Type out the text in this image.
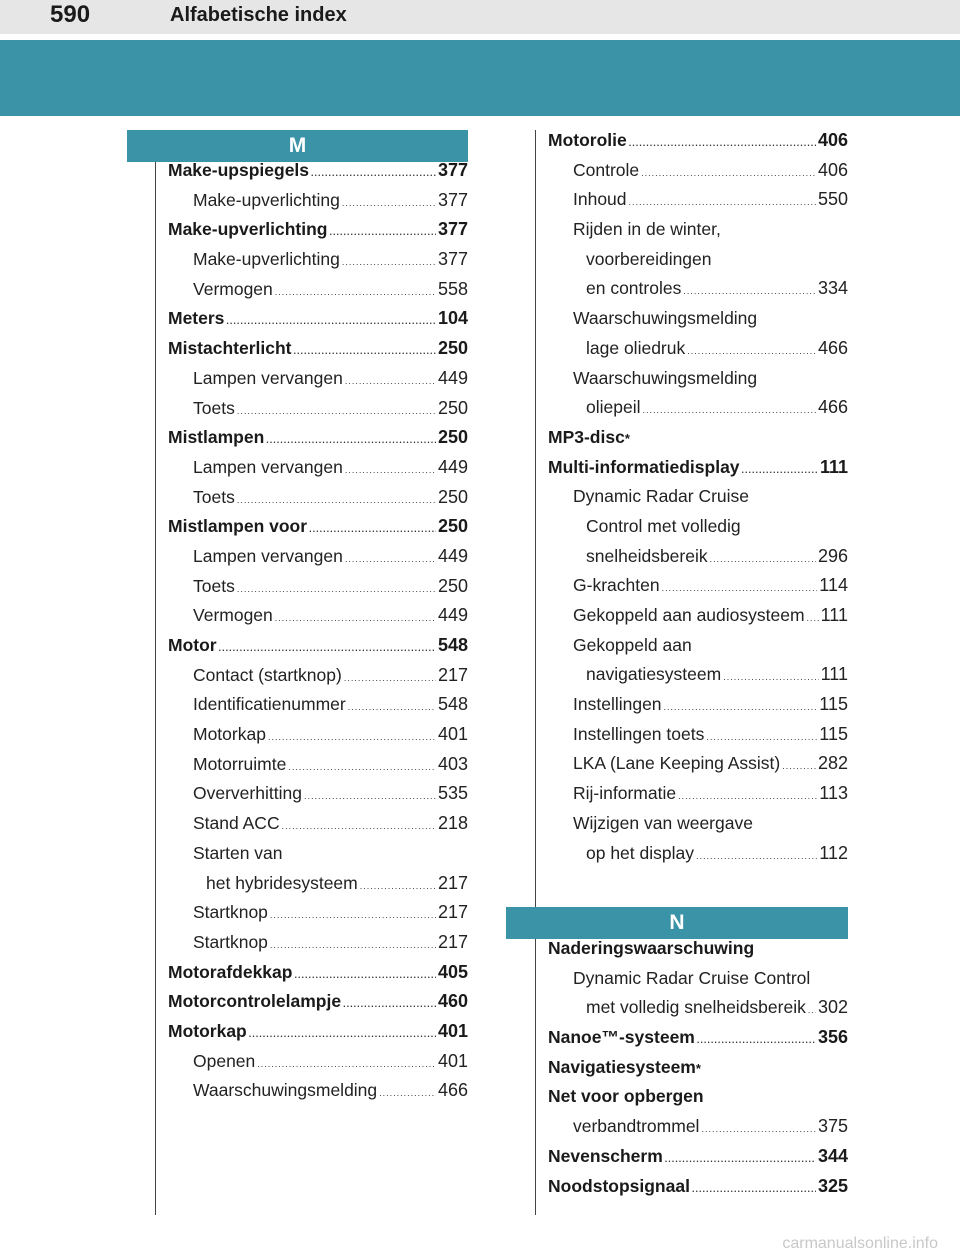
590	Alfabetische index
M
Make-upspiegels .....	377
Make-upverlichting .....	377
Make-upverlichting .....	377
Make-upverlichting .....	377
Vermogen .....	558
Meters .....	104
Mistachterlicht .....	250
Lampen vervangen .....	449
Toets .....	250
Mistlampen .....	250
Lampen vervangen .....	449
Toets .....	250
Mistlampen voor .....	250
Lampen vervangen .....	449
Toets .....	250
Vermogen .....	449
Motor .....	548
Contact (startknop) .....	217
Identificatienummer .....	548
Motorkap .....	401
Motorruimte .....	403
Oververhitting .....	535
Stand ACC .....	218
Starten van
het hybridesysteem .....	217
Startknop .....	217
Startknop .....	217
Motorafdekkap .....	405
Motorcontrolelampje .....	460
Motorkap .....	401
Openen .....	401
Waarschuwingsmelding .....	466
Motorolie .....	406
Controle .....	406
Inhoud .....	550
Rijden in de winter,
voorbereidingen
en controles .....	334
Waarschuwingsmelding
lage oliedruk .....	466
Waarschuwingsmelding
oliepeil .....	466
MP3-disc *
Multi-informatiedisplay .....	111
Dynamic Radar Cruise
Control met volledig
snelheidsbereik .....	296
G-krachten .....	114
Gekoppeld aan audiosysteem ..... 111
Gekoppeld aan
navigatiesysteem .....	111
Instellingen .....	115
Instellingen toets .....	115
LKA (Lane Keeping Assist) ..... 282
Rij-informatie .....	113
Wijzigen van weergave
op het display .....	112
N
Naderingswaarschuwing
Dynamic Radar Cruise Control
met volledig snelheidsbereik ..... 302
Nanoe™-systeem .....	356
Navigatiesysteem *
Net voor opbergen
verbandtrommel .....	375
Nevenscherm .....	344
Noodstopsignaal .....	325
carmanualsonline.info
